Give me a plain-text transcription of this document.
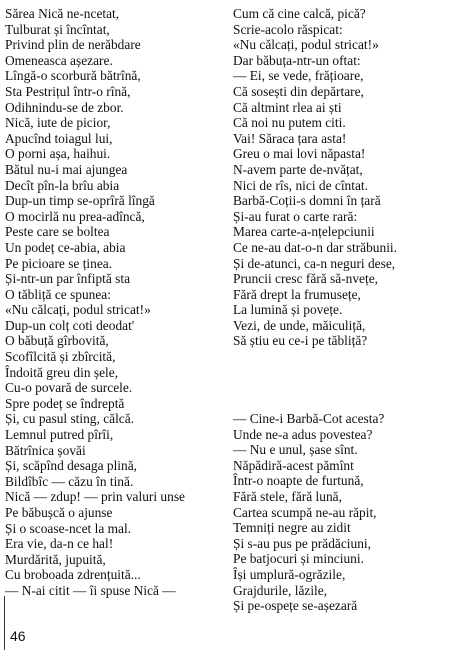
Sărea Nică ne-ncetat,
Tulburat și încîntat,
Privind plin de nerăbdare
Omeneasca așezare.
Lîngă-o scorbură bătrînă,
Sta Pestrițul într-o rînă,
Odihnindu-se de zbor.
Nică, iute de picior,
Apucînd toiagul lui,
O porni așa, haihui.
Bătul nu-i mai ajungea
Decît pîn-la brîu abia
Dup-un timp se-oprîră lîngă
O mocirlă nu prea-adîncă,
Peste care se boltea
Un podeț ce-abia, abia
Pe picioare se ținea.
Și-ntr-un par înfiptă sta
O tăbliță ce spunea:
«Nu călcați, podul stricat!»
Dup-un colț coti deodat'
O băbuță gîrbovită,
Scofîlcită și zbîrcită,
Îndoită greu din șele,
Cu-o povară de surcele.
Spre podeț se îndreptă
Și, cu pasul sting, călcă.
Lemnul putred pîrîi,
Bătrînica șovăi
Și, scăpînd desaga plină,
Bildîbîc — căzu în tină.
Nică — zdup! — prin valuri unse
Pe băbușcă o ajunse
Și o scoase-ncet la mal.
Era vie, da-n ce hal!
Murdărită, jupuită,
Cu broboada zdrențuită...
— N-ai citit — îi spuse Nică —
Cum că cine calcă, pică?
Scrie-acolo răspicat:
«Nu călcați, podul stricat!»
Dar băbuța-ntr-un oftat:
— Ei, se vede, frățioare,
Că sosești din depărtare,
Că altmint rlea ai ști
Că noi nu putem citi.
Vai! Săraca țara asta!
Greu o mai lovi năpasta!
N-avem parte de-nvățat,
Nici de rîs, nici de cîntat.
Barbă-Coții-s domni în țară
Și-au furat o carte rară:
Marea carte-a-nțelepciunii
Ce ne-au dat-o-n dar străbunii.
Și de-atunci, ca-n neguri dese,
Pruncii cresc fără să-nvețe,
Fără drept la frumusețe,
La lumină și povețe.
Vezi, de unde, măiculiță,
Să știu eu ce-i pe tăbliță?
— Cine-i Barbă-Cot acesta?
Unde ne-a adus povestea?
— Nu e unul, șase sînt.
Năpădiră-acest pămînt
Într-o noapte de furtună,
Fără stele, fără lună,
Cartea scumpă ne-au răpit,
Temniți negre au zidit
Și s-au pus pe prădăciuni,
Pe batjocuri și minciuni.
Își umplură-ogrăzile,
Grajdurile, lăzile,
Și pe-ospețe se-așezară
46
